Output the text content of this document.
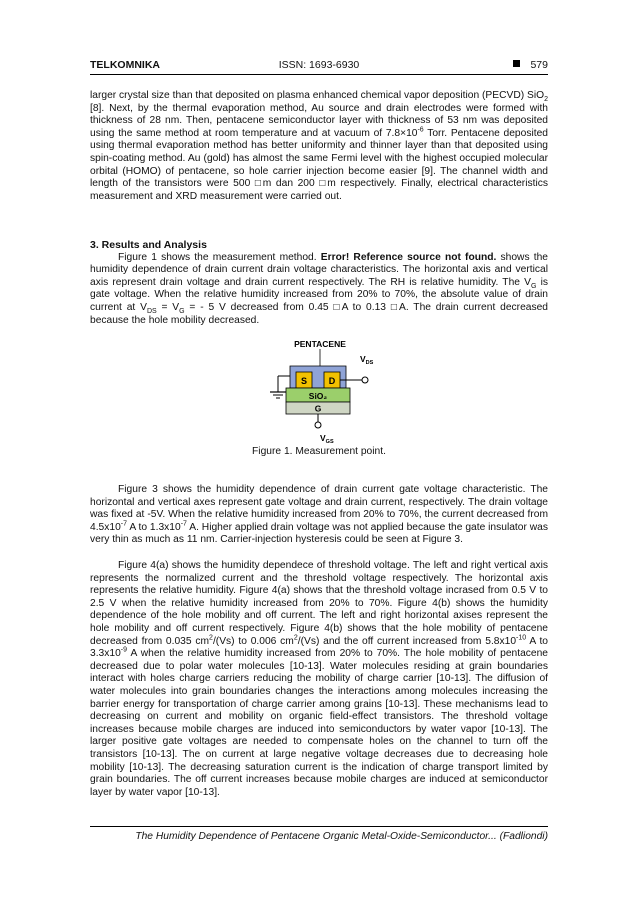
TELKOMNIKA	ISSN: 1693-6930	579

larger crystal size than that deposited on plasma enhanced chemical vapor deposition (PECVD) SiO$_2$ [8]. Next, by the thermal evaporation method, Au source and drain electrodes were formed with thickness of 28 nm. Then, pentacene semiconductor layer with thickness of 53 nm was deposited using the same method at room temperature and at vacuum of $7.8\times 10^{-6}$ Torr. Pentacene deposited using thermal evaporation method has better uniformity and thinner layer than that deposited using spin-coating method. Au (gold) has almost the same Fermi level with the highest occupied molecular orbital (HOMO) of pentacene, so hole carrier injection become easier [9]. The channel width and length of the transistors were 500 □m dan 200 □m respectively. Finally, electrical characteristics measurement and XRD measurement were carried out.

3. Results and Analysis

Figure 1 shows the measurement method. Error! Reference source not found. shows the humidity dependence of drain current drain voltage characteristics. The horizontal axis and vertical axis represent drain voltage and drain current respectively. The RH is relative humidity. The $V_G$ is gate voltage. When the relative humidity increased from 20% to 70%, the absolute value of drain current at $V_{DS} = V_G$ = - 5 V decreased from 0.45 □A to 0.13 □A. The drain current decreased because the hole mobility decreased.

S D
SiO₂
G
$V_{GS}$
$V_{DS}$
PENTACENE
Figure 1. Measurement point.

Figure 3 shows the humidity dependence of drain current gate voltage characteristic. The horizontal and vertical axes represent gate voltage and drain current, respectively. The drain voltage was fixed at -5V. When the relative humidity increased from 20% to 70%, the current decreased from $4.5x10^{-7}$ A to $1.3x10^{-7}$ A. Higher applied drain voltage was not applied because the gate insulator was very thin as much as 11 nm. Carrier-injection hysteresis could be seen at Figure 3.

Figure 4(a) shows the humidity dependece of threshold voltage. The left and right vertical axis represents the normalized current and the threshold voltage respectively. The horizontal axis represents the relative humidity. Figure 4(a) shows that the threshold voltage incrased from 0.5 V to 2.5 V when the relative humidity increased from 20% to 70%. Figure 4(b) shows the humidity dependence of the hole mobility and off current. The left and right horizontal axises represent the hole mobility and off current respectively. Figure 4(b) shows that the hole mobility of pentacene decreased from 0.035 $cm^2/(Vs)$ to 0.006 $cm^2/(Vs)$ and the off current increased from $5.8x10^{-10}$ A to $3.3x10^{-9}$ A when the relative humidity increased from 20% to 70%. The hole mobility of pentacene decreased due to polar water molecules [10-13]. Water molecules residing at grain boundaries interact with holes charge carriers reducing the mobility of charge carrier [10-13]. The diffusion of water molecules into grain boundaries changes the interactions among molecules increasing the barrier energy for transportation of charge carrier among grains [10-13]. These mechanisms lead to decreasing on current and mobility on organic field-effect transistors. The threshold voltage increases because mobile charges are induced into semiconductors by water vapor [10-13]. The larger positive gate voltages are needed to compensate holes on the channel to turn off the transistors [10-13]. The on current at large negative voltage decreases due to decreasing hole mobility [10-13]. The decreasing saturation current is the indication of charge transport limited by grain boundaries. The off current increases because mobile charges are induced at semiconductor layer by water vapor [10-13].

The Humidity Dependence of Pentacene Organic Metal-Oxide-Semiconductor... (Fadliondi)
